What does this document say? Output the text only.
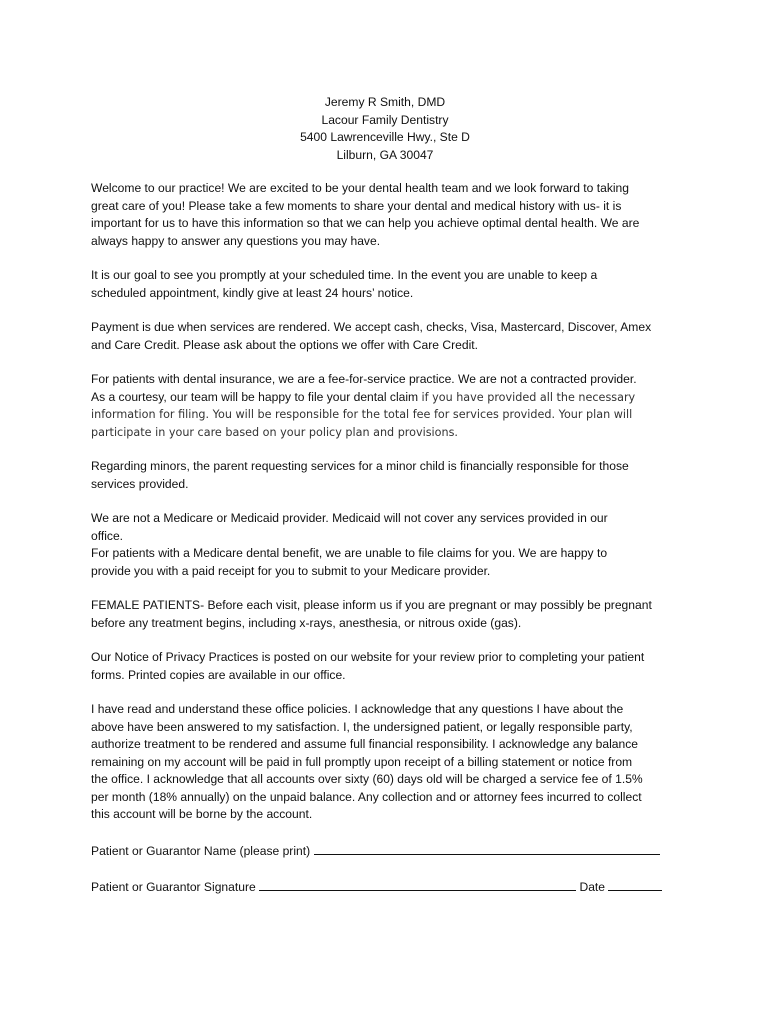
Jeremy R Smith, DMD
Lacour Family Dentistry
5400 Lawrenceville Hwy., Ste D
Lilburn, GA 30047

Welcome to our practice! We are excited to be your dental health team and we look forward to taking
great care of you! Please take a few moments to share your dental and medical history with us- it is
important for us to have this information so that we can help you achieve optimal dental health. We are
always happy to answer any questions you may have.

It is our goal to see you promptly at your scheduled time. In the event you are unable to keep a
scheduled appointment, kindly give at least 24 hours’ notice.

Payment is due when services are rendered. We accept cash, checks, Visa, Mastercard, Discover, Amex
and Care Credit. Please ask about the options we offer with Care Credit.

For patients with dental insurance, we are a fee-for-service practice. We are not a contracted provider.
As a courtesy, our team will be happy to file your dental claim if you have provided all the necessary
information for filing. You will be responsible for the total fee for services provided. Your plan will
participate in your care based on your policy plan and provisions.

Regarding minors, the parent requesting services for a minor child is financially responsible for those
services provided.

We are not a Medicare or Medicaid provider. Medicaid will not cover any services provided in our
office.
For patients with a Medicare dental benefit, we are unable to file claims for you. We are happy to
provide you with a paid receipt for you to submit to your Medicare provider.

FEMALE PATIENTS- Before each visit, please inform us if you are pregnant or may possibly be pregnant
before any treatment begins, including x-rays, anesthesia, or nitrous oxide (gas).

Our Notice of Privacy Practices is posted on our website for your review prior to completing your patient
forms. Printed copies are available in our office.

I have read and understand these office policies. I acknowledge that any questions I have about the
above have been answered to my satisfaction. I, the undersigned patient, or legally responsible party,
authorize treatment to be rendered and assume full financial responsibility. I acknowledge any balance
remaining on my account will be paid in full promptly upon receipt of a billing statement or notice from
the office. I acknowledge that all accounts over sixty (60) days old will be charged a service fee of 1.5%
per month (18% annually) on the unpaid balance. Any collection and or attorney fees incurred to collect
this account will be borne by the account.

Patient or Guarantor Name (please print)
Patient or Guarantor Signature	Date
